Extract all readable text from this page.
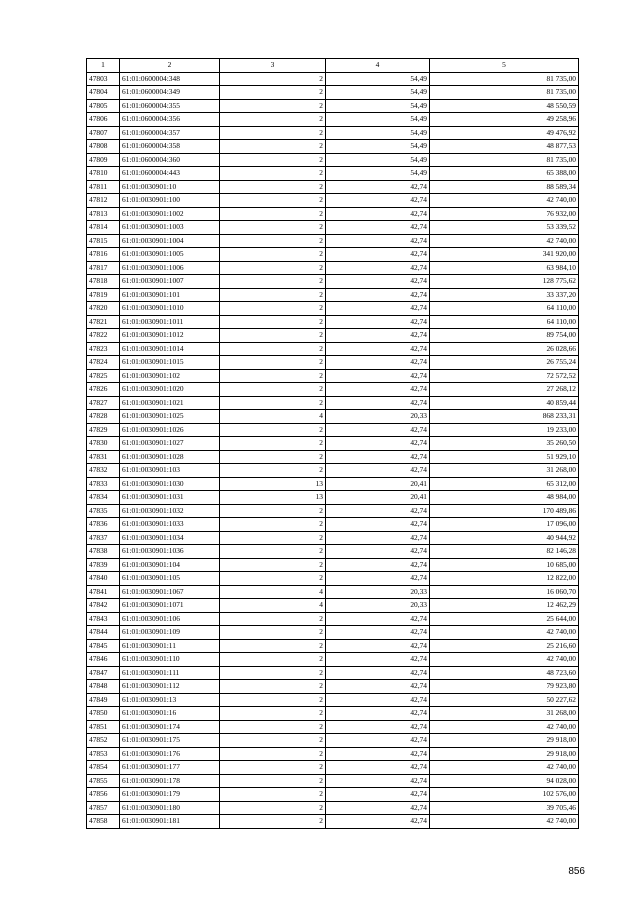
1	2	3	4	5
47803	61:01:0600004:348	2	54,49	81 735,00
47804	61:01:0600004:349	2	54,49	81 735,00
47805	61:01:0600004:355	2	54,49	48 550,59
47806	61:01:0600004:356	2	54,49	49 258,96
47807	61:01:0600004:357	2	54,49	49 476,92
47808	61:01:0600004:358	2	54,49	48 877,53
47809	61:01:0600004:360	2	54,49	81 735,00
47810	61:01:0600004:443	2	54,49	65 388,00
47811	61:01:0030901:10	2	42,74	88 589,34
47812	61:01:0030901:100	2	42,74	42 740,00
47813	61:01:0030901:1002	2	42,74	76 932,00
47814	61:01:0030901:1003	2	42,74	53 339,52
47815	61:01:0030901:1004	2	42,74	42 740,00
47816	61:01:0030901:1005	2	42,74	341 920,00
47817	61:01:0030901:1006	2	42,74	63 984,10
47818	61:01:0030901:1007	2	42,74	128 775,62
47819	61:01:0030901:101	2	42,74	33 337,20
47820	61:01:0030901:1010	2	42,74	64 110,00
47821	61:01:0030901:1011	2	42,74	64 110,00
47822	61:01:0030901:1012	2	42,74	89 754,00
47823	61:01:0030901:1014	2	42,74	26 028,66
47824	61:01:0030901:1015	2	42,74	26 755,24
47825	61:01:0030901:102	2	42,74	72 572,52
47826	61:01:0030901:1020	2	42,74	27 268,12
47827	61:01:0030901:1021	2	42,74	40 859,44
47828	61:01:0030901:1025	4	20,33	868 233,31
47829	61:01:0030901:1026	2	42,74	19 233,00
47830	61:01:0030901:1027	2	42,74	35 260,50
47831	61:01:0030901:1028	2	42,74	51 929,10
47832	61:01:0030901:103	2	42,74	31 268,00
47833	61:01:0030901:1030	13	20,41	65 312,00
47834	61:01:0030901:1031	13	20,41	48 984,00
47835	61:01:0030901:1032	2	42,74	170 489,86
47836	61:01:0030901:1033	2	42,74	17 096,00
47837	61:01:0030901:1034	2	42,74	40 944,92
47838	61:01:0030901:1036	2	42,74	82 146,28
47839	61:01:0030901:104	2	42,74	10 685,00
47840	61:01:0030901:105	2	42,74	12 822,00
47841	61:01:0030901:1067	4	20,33	16 060,70
47842	61:01:0030901:1071	4	20,33	12 462,29
47843	61:01:0030901:106	2	42,74	25 644,00
47844	61:01:0030901:109	2	42,74	42 740,00
47845	61:01:0030901:11	2	42,74	25 216,60
47846	61:01:0030901:110	2	42,74	42 740,00
47847	61:01:0030901:111	2	42,74	48 723,60
47848	61:01:0030901:112	2	42,74	79 923,80
47849	61:01:0030901:13	2	42,74	50 227,62
47850	61:01:0030901:16	2	42,74	31 268,00
47851	61:01:0030901:174	2	42,74	42 740,00
47852	61:01:0030901:175	2	42,74	29 918,00
47853	61:01:0030901:176	2	42,74	29 918,00
47854	61:01:0030901:177	2	42,74	42 740,00
47855	61:01:0030901:178	2	42,74	94 028,00
47856	61:01:0030901:179	2	42,74	102 576,00
47857	61:01:0030901:180	2	42,74	39 705,46
47858	61:01:0030901:181	2	42,74	42 740,00
856
